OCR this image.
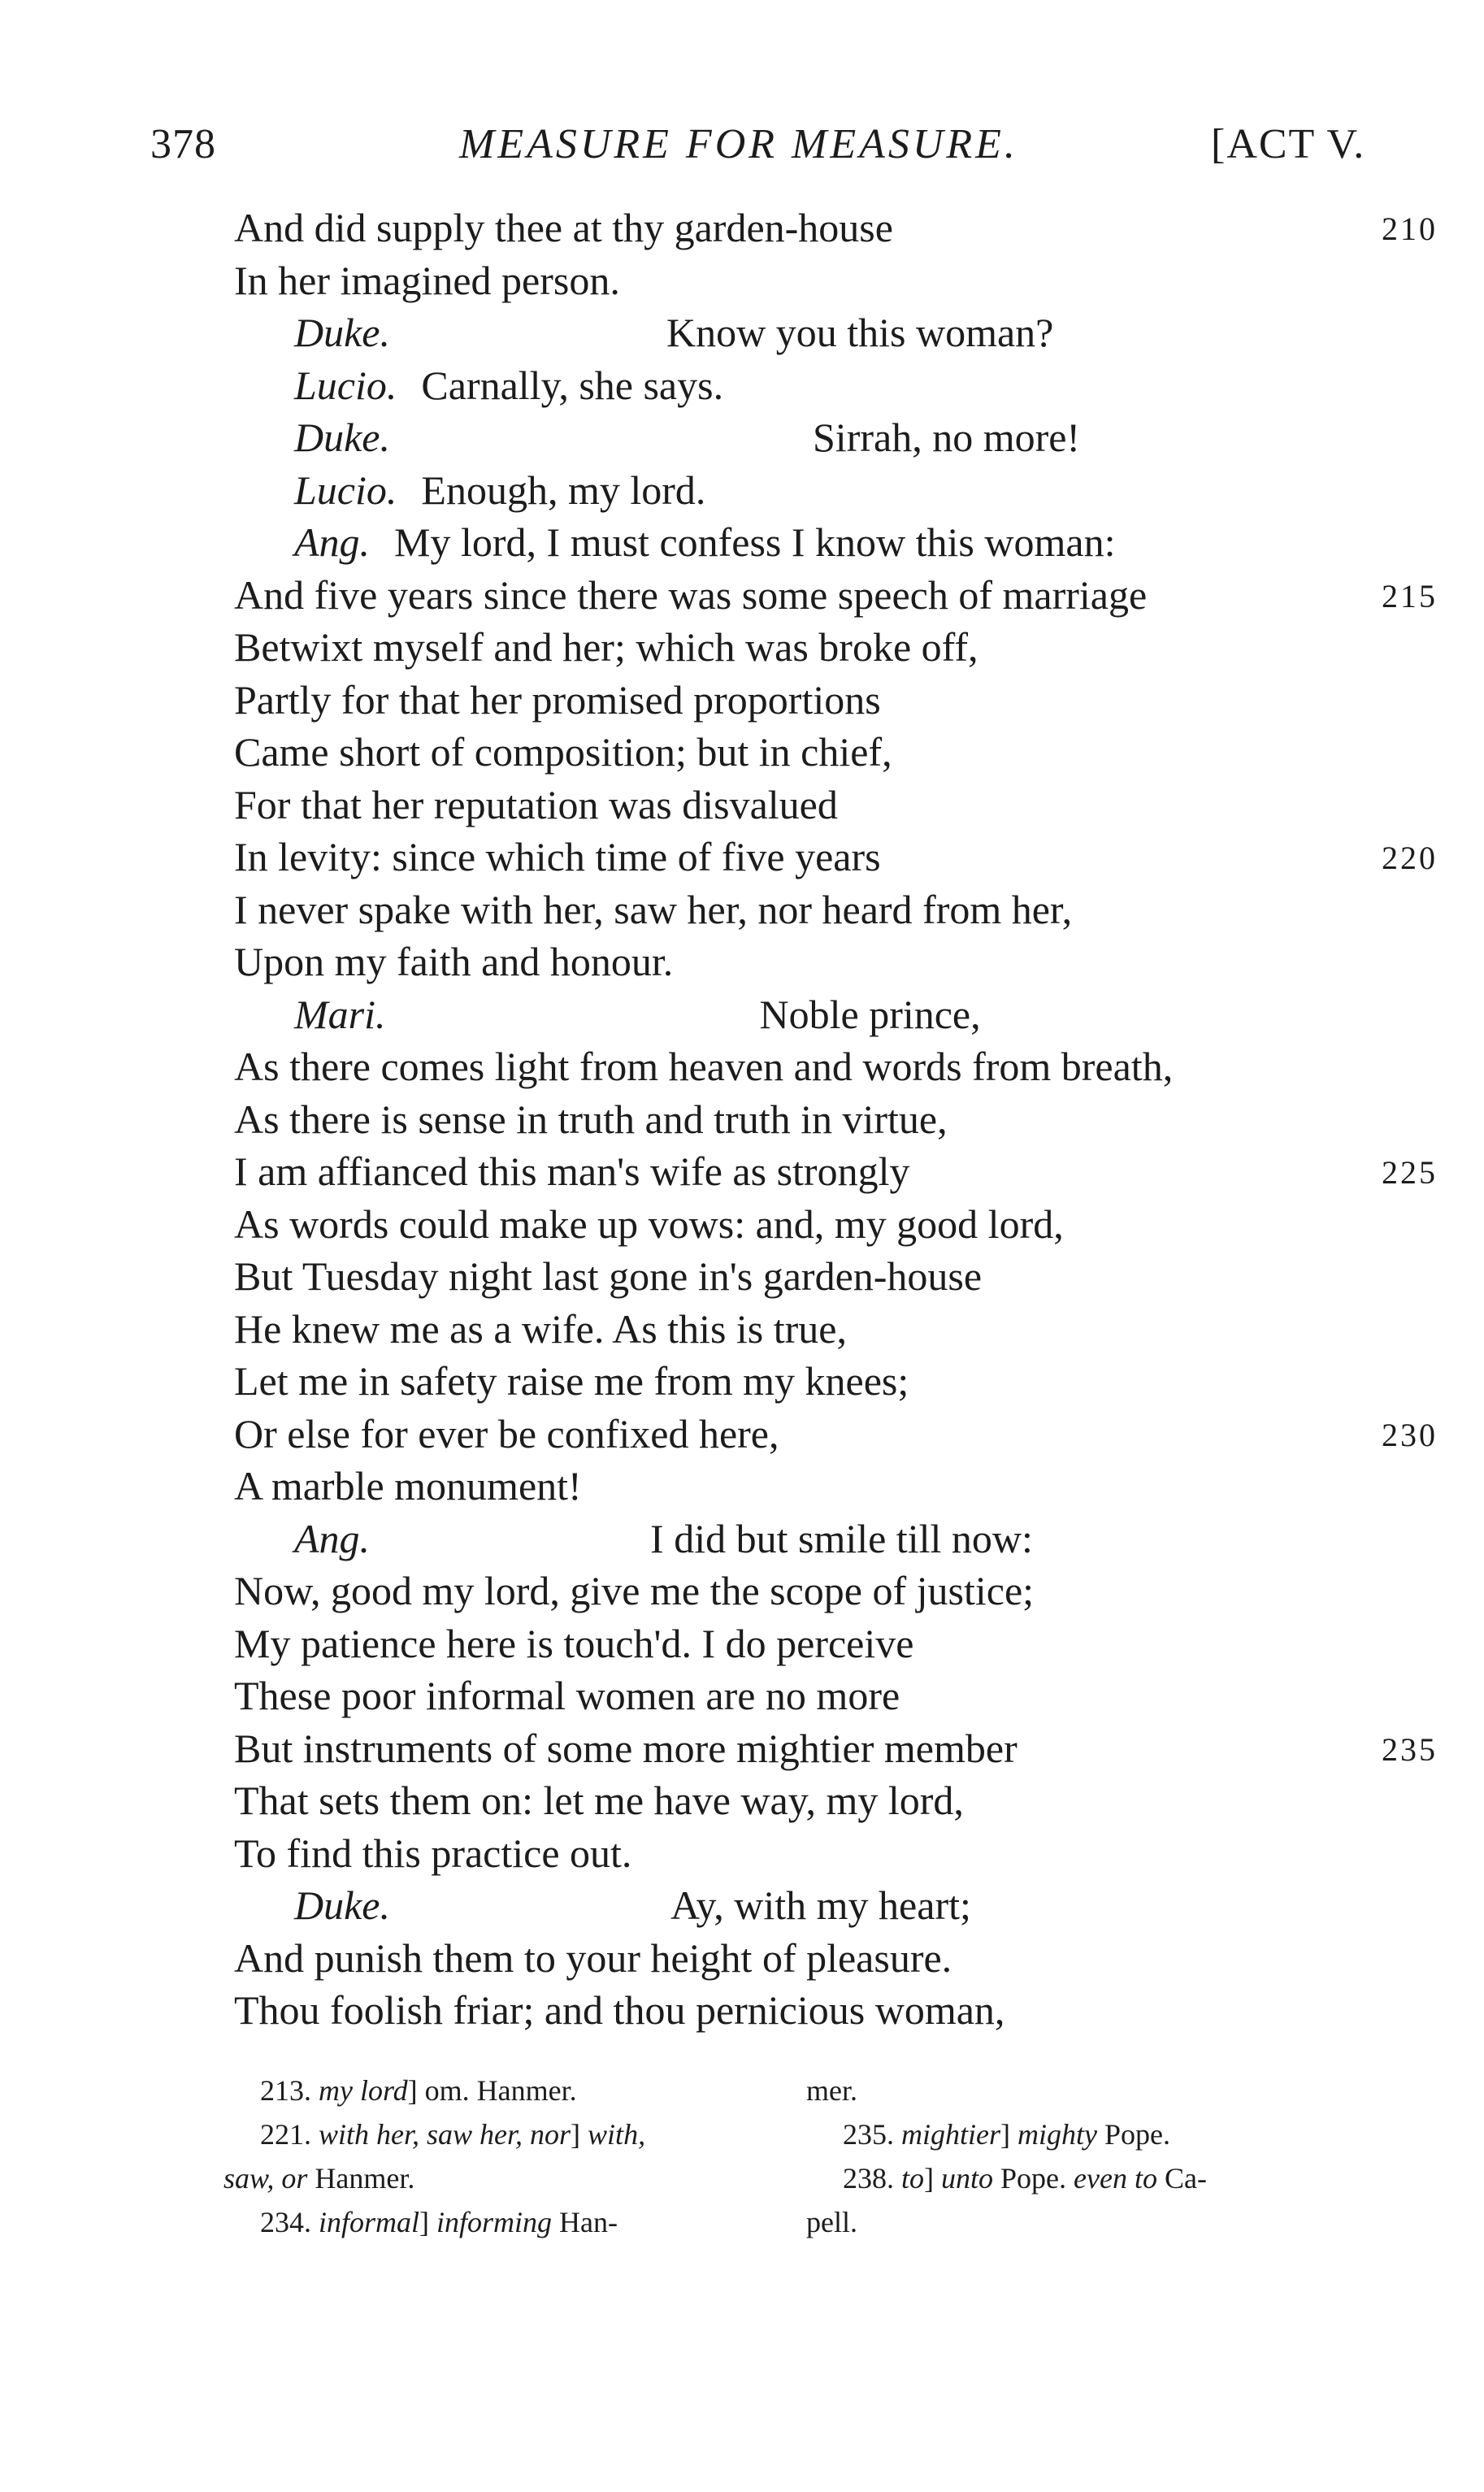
378	MEASURE FOR MEASURE.	[ACT V.
And did supply thee at thy garden-house	210
In her imagined person.
Duke.	Know you this woman?
Lucio. Carnally, she says.
Duke.	Sirrah, no more!
Lucio. Enough, my lord.
Ang. My lord, I must confess I know this woman:
And five years since there was some speech of marriage	215
Betwixt myself and her; which was broke off,
Partly for that her promised proportions
Came short of composition; but in chief,
For that her reputation was disvalued
In levity: since which time of five years	220
I never spake with her, saw her, nor heard from her,
Upon my faith and honour.
Mari.	Noble prince,
As there comes light from heaven and words from breath,
As there is sense in truth and truth in virtue,
I am affianced this man's wife as strongly	225
As words could make up vows: and, my good lord,
But Tuesday night last gone in's garden-house
He knew me as a wife. As this is true,
Let me in safety raise me from my knees;
Or else for ever be confixed here,	230
A marble monument!
Ang.	I did but smile till now:
Now, good my lord, give me the scope of justice;
My patience here is touch'd. I do perceive
These poor informal women are no more
But instruments of some more mightier member	235
That sets them on: let me have way, my lord,
To find this practice out.
Duke.	Ay, with my heart;
And punish them to your height of pleasure.
Thou foolish friar; and thou pernicious woman,
213. my lord] om. Hanmer.
221. with her, saw her, nor] with,
saw, or Hanmer.
234. informal] informing Han-
mer.
235. mightier] mighty Pope.
238. to] unto Pope. even to Ca-
pell.
